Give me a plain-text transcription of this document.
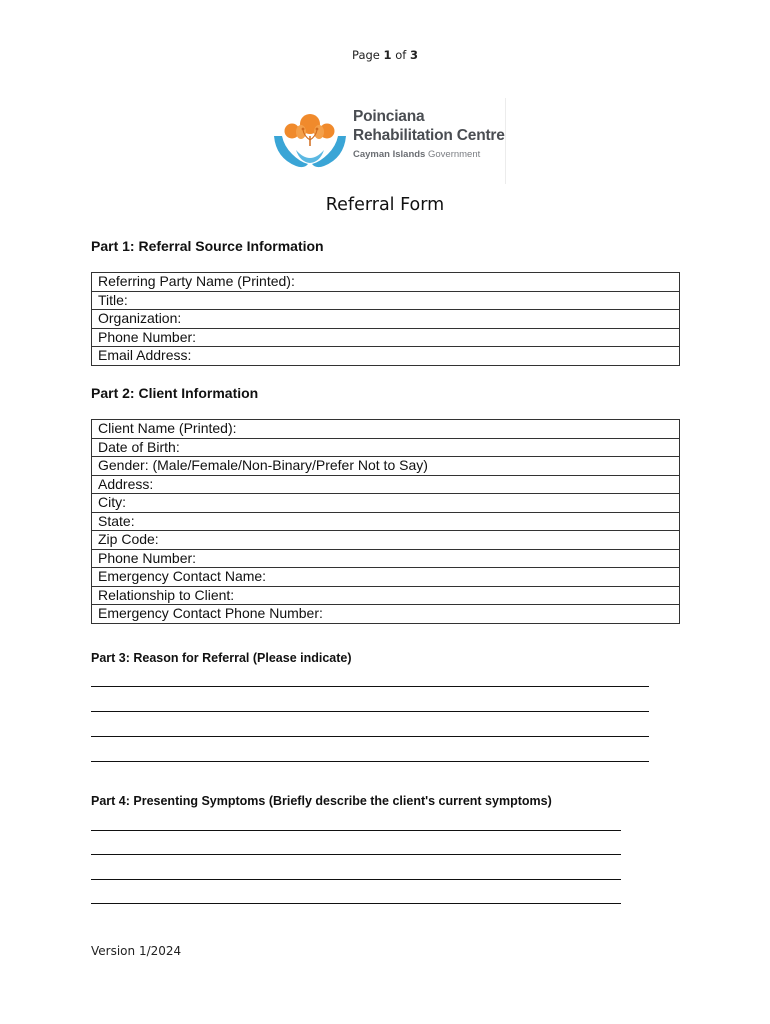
Page 1 of 3
Poinciana
Rehabilitation Centre
Cayman Islands Government
Referral Form
Part 1: Referral Source Information
Referring Party Name (Printed):
Title:
Organization:
Phone Number:
Email Address:
Part 2: Client Information
Client Name (Printed):
Date of Birth:
Gender: (Male/Female/Non-Binary/Prefer Not to Say)
Address:
City:
State:
Zip Code:
Phone Number:
Emergency Contact Name:
Relationship to Client:
Emergency Contact Phone Number:
Part 3: Reason for Referral (Please indicate)
Part 4: Presenting Symptoms (Briefly describe the client's current symptoms)
Version 1/2024
